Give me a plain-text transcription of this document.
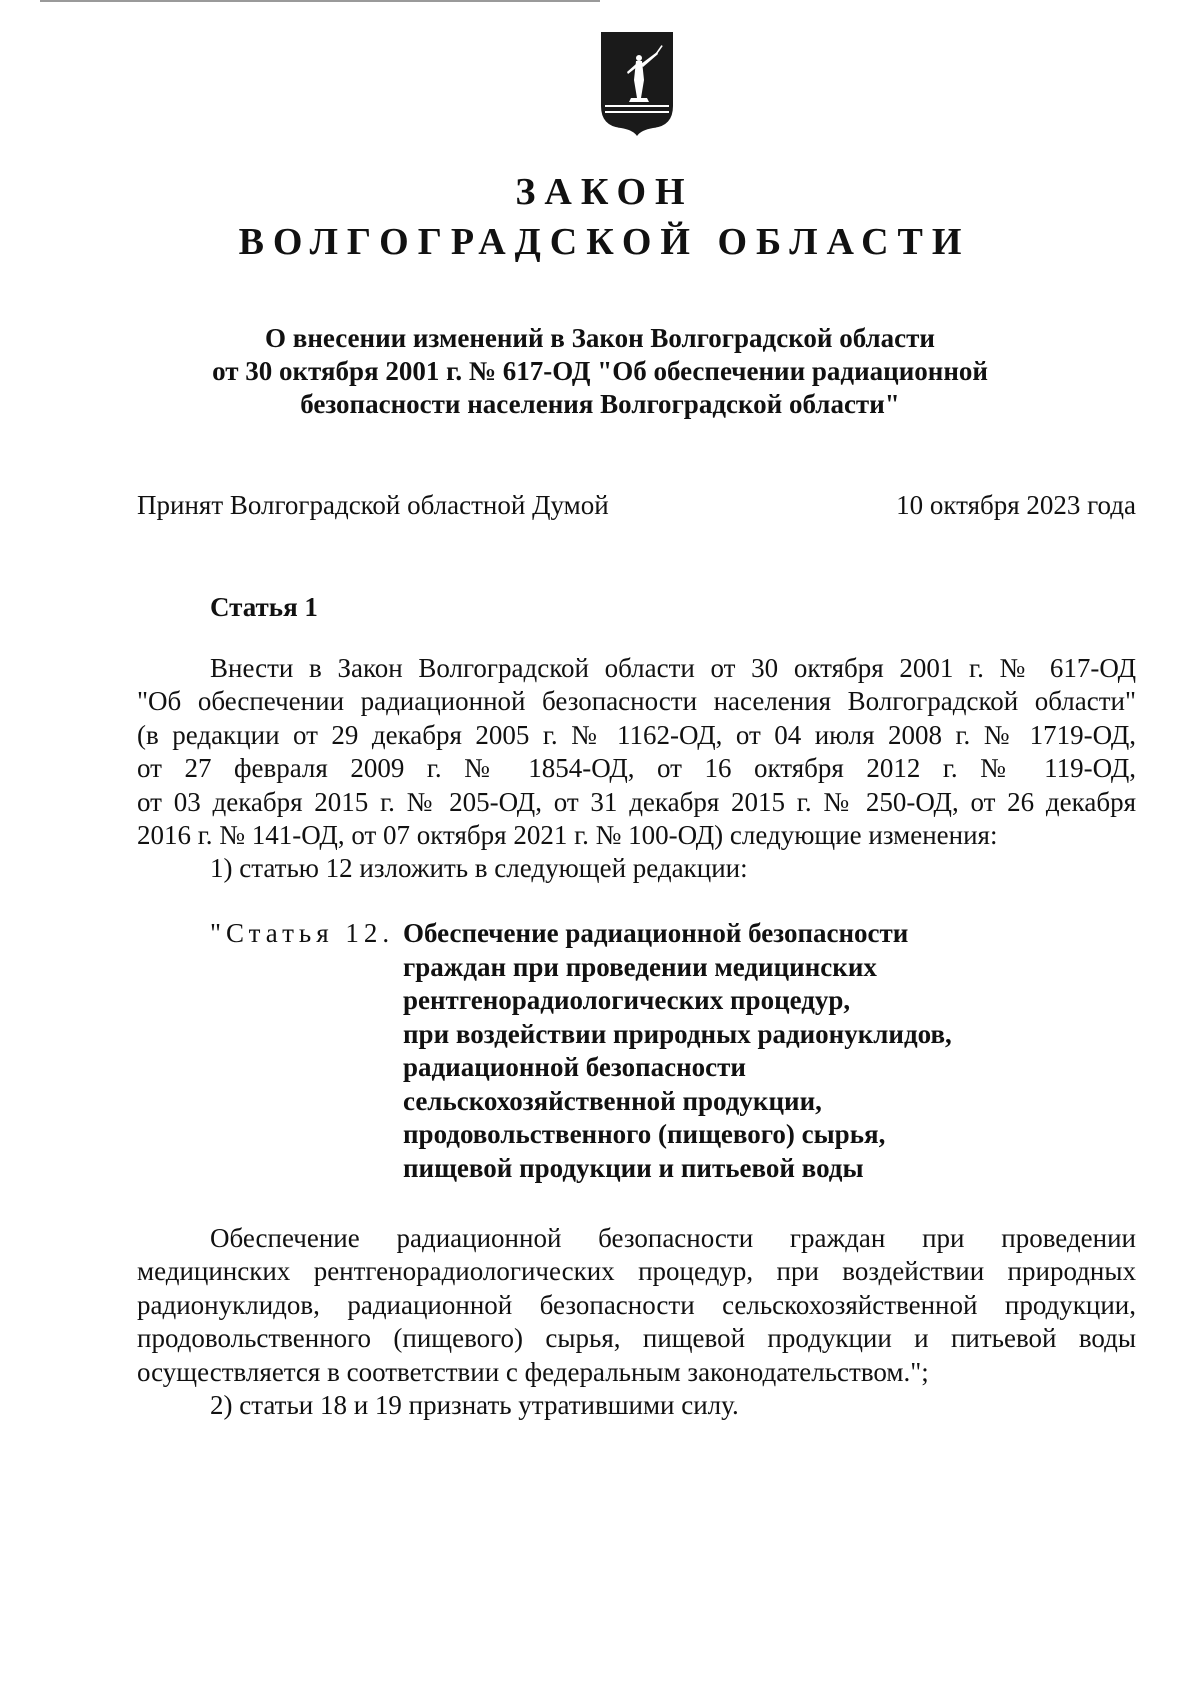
ЗАКОН
ВОЛГОГРАДСКОЙ ОБЛАСТИ
О внесении изменений в Закон Волгоградской области
от 30 октября 2001 г. № 617-ОД "Об обеспечении радиационной
безопасности населения Волгоградской области"
Принят Волгоградской областной Думой	10 октября 2023 года
Статья 1
Внести в Закон Волгоградской области от 30 октября 2001 г. № 617-ОД
"Об обеспечении радиационной безопасности населения Волгоградской области"
(в редакции от 29 декабря 2005 г. № 1162-ОД, от 04 июля 2008 г. № 1719-ОД,
от 27 февраля 2009 г. № 1854-ОД, от 16 октября 2012 г. № 119-ОД,
от 03 декабря 2015 г. № 205-ОД, от 31 декабря 2015 г. № 250-ОД, от 26 декабря
2016 г. № 141-ОД, от 07 октября 2021 г. № 100-ОД) следующие изменения:
1) статью 12 изложить в следующей редакции:
"Статья 12. Обеспечение радиационной безопасности
граждан при проведении медицинских
рентгенорадиологических процедур,
при воздействии природных радионуклидов,
радиационной безопасности
сельскохозяйственной продукции,
продовольственного (пищевого) сырья,
пищевой продукции и питьевой воды
Обеспечение радиационной безопасности граждан при проведении
медицинских рентгенорадиологических процедур, при воздействии природных
радионуклидов, радиационной безопасности сельскохозяйственной продукции,
продовольственного (пищевого) сырья, пищевой продукции и питьевой воды
осуществляется в соответствии с федеральным законодательством.";
2) статьи 18 и 19 признать утратившими силу.
